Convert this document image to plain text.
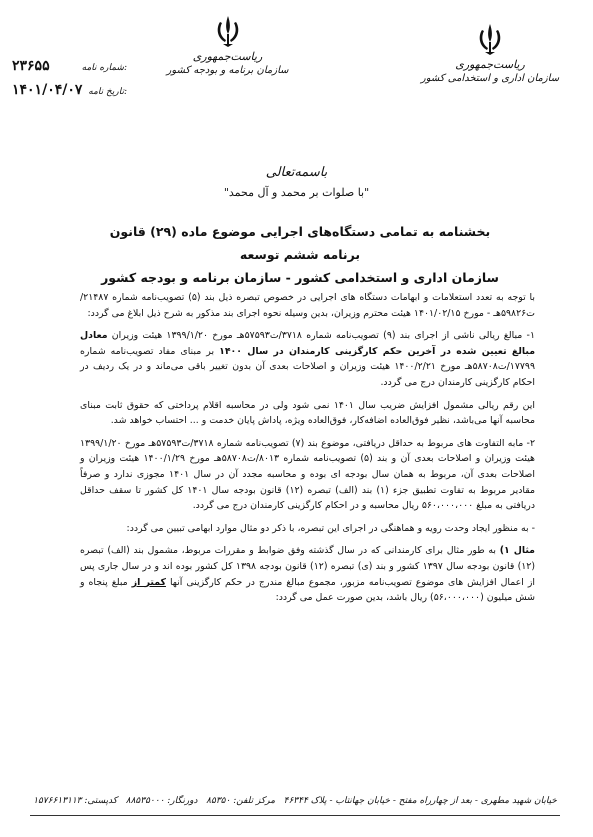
ریاست‌جمهوری
سازمان اداری و استخدامی کشور
ریاست‌جمهوری
سازمان برنامه و بودجه کشور
۲۳۶۵۵	شماره نامه:
۱۴۰۱/۰۴/۰۷ تاریخ نامه:
باسمه‌تعالی
"با صلوات بر محمد و آل محمد"
بخشنامه به تمامی دستگاه‌های اجرایی موضوع ماده (۲۹) قانون برنامه ششم توسعه
سازمان اداری و استخدامی کشور - سازمان برنامه و بودجه کشور

با توجه به تعدد استعلامات و ابهامات دستگاه های اجرایی در خصوص تبصره ذیل بند (۵) تصویب‌نامه شماره ۲۱۴۸۷/ت۵۹۸۲۶هـ - مورخ ۱۴۰۱/۰۲/۱۵ هیئت محترم وزیران، بدین وسیله نحوه اجرای بند مذکور به شرح ذیل ابلاغ می گردد:

۱- مبالغ ریالی ناشی از اجرای بند (۹) تصویب‌نامه شماره ۳۷۱۸/ت۵۷۵۹۳هـ مورخ ۱۳۹۹/۱/۲۰ هیئت وزیران معادل مبالغ تعیین شده در آخرین حکم کارگزینی کارمندان در سال ۱۴۰۰ بر مبنای مفاد تصویب‌نامه شماره ۱۷۷۹۹/ت۵۸۷۰۸هـ مورخ ۱۴۰۰/۲/۲۱ هیئت وزیران و اصلاحات بعدی آن بدون تغییر باقی می‌ماند و در یک ردیف در احکام کارگزینی کارمندان درج می گردد.

این رقم ریالی مشمول افزایش ضریب سال ۱۴۰۱ نمی شود ولی در محاسبه اقلام پرداختی که حقوق ثابت مبنای محاسبه آنها می‌باشد، نظیر فوق‌العاده اضافه‌کار، فوق‌العاده ویژه، پاداش پایان خدمت و ... احتساب خواهد شد.

۲- مابه التفاوت های مربوط به حداقل دریافتی، موضوع بند (۷) تصویب‌نامه شماره ۳۷۱۸/ت۵۷۵۹۳هـ مورخ ۱۳۹۹/۱/۲۰ هیئت وزیران و اصلاحات بعدی آن و بند (۵) تصویب‌نامه شماره ۸۰۱۳/ت۵۸۷۰۸هـ مورخ ۱۴۰۰/۱/۲۹ هیئت وزیران و اصلاحات بعدی آن، مربوط به همان سال بودجه ای بوده و محاسبه مجدد آن در سال ۱۴۰۱ مجوزی ندارد و صرفاً مقادیر مربوط به تفاوت تطبیق جزء (۱) بند (الف) تبصره (۱۲) قانون بودجه سال ۱۴۰۱ کل کشور تا سقف حداقل دریافتی به مبلغ ۵۶۰،۰۰۰،۰۰۰ ریال محاسبه و در احکام کارگزینی کارمندان درج می گردد.

- به منظور ایجاد وحدت رویه و هماهنگی در اجرای این تبصره، با ذکر دو مثال موارد ابهامی تبیین می گردد:

مثال ۱) به طور مثال برای کارمندانی که در سال گذشته وفق ضوابط و مقررات مربوط، مشمول بند (الف) تبصره (۱۲) قانون بودجه سال ۱۳۹۷ کشور و بند (ی) تبصره (۱۲) قانون بودجه ۱۳۹۸ کل کشور بوده اند و در سال جاری پس از اعمال افزایش های موضوع تصویب‌نامه مزبور، مجموع مبالغ مندرج در حکم کارگزینی آنها کمتر از مبلغ پنجاه و شش میلیون (۵۶،۰۰۰،۰۰۰) ریال باشد، بدین صورت عمل می گردد:

خیابان شهید مطهری - بعد از چهارراه مفتح - خیابان جهانتاب - پلاک ۴۶۳۴۴   مرکز تلفن: ۸۵۳۵۰   دورنگار: ۸۸۵۳۵۰۰۰   کدپستی: ۱۵۷۶۶۱۳۱۱۳
